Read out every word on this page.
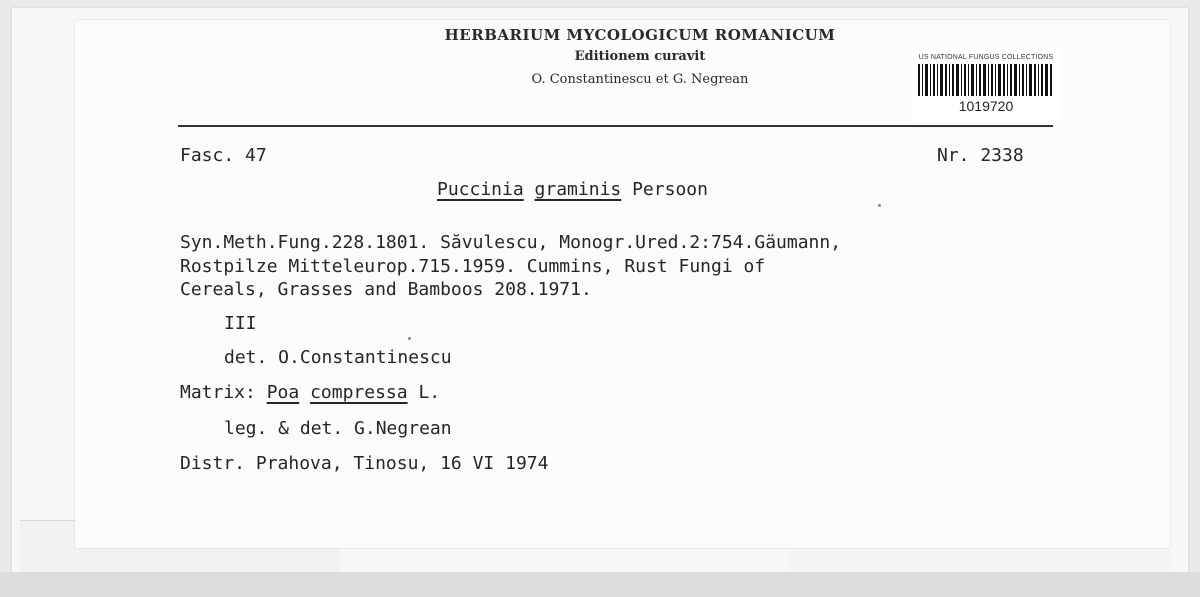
HERBARIUM MYCOLOGICUM ROMANICUM
Editionem curavit
O. Constantinescu et G. Negrean
US NATIONAL FUNGUS COLLECTIONS
1019720
Fasc. 47	Nr. 2338
Puccinia graminis Persoon
Syn.Meth.Fung.228.1801. Săvulescu, Monogr.Ured.2:754.Gäumann,
Rostpilze Mitteleurop.715.1959. Cummins, Rust Fungi of
Cereals, Grasses and Bamboos 208.1971.
III
det. O.Constantinescu
Matrix: Poa compressa L.
leg. & det. G.Negrean
Distr. Prahova, Tinosu, 16 VI 1974
